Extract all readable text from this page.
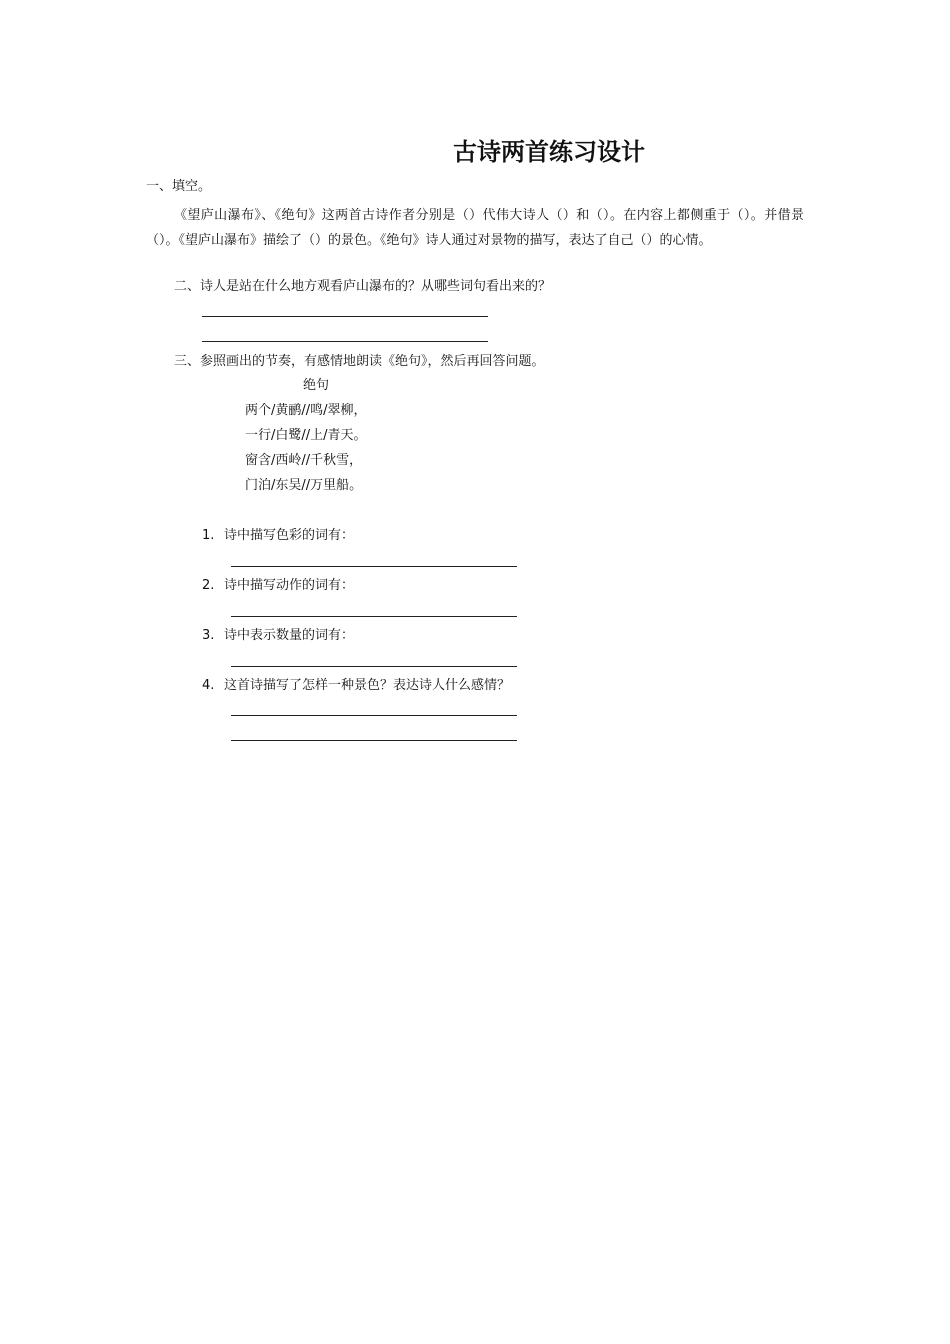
古诗两首练习设计
一、填空。
《望庐山瀑布》、《绝句》这两首古诗作者分别是（）代伟大诗人（）和（）。在内容上都侧重于（）。并借景（）。《望庐山瀑布》描绘了（）的景色。《绝句》诗人通过对景物的描写，表达了自己（）的心情。
二、诗人是站在什么地方观看庐山瀑布的？从哪些词句看出来的？
三、参照画出的节奏，有感情地朗读《绝句》，然后再回答问题。
绝句
两个/黄鹂//鸣/翠柳，
一行/白鹭//上/青天。
窗含/西岭//千秋雪，
门泊/东吴//万里船。
1. 诗中描写色彩的词有：
2. 诗中描写动作的词有：
3. 诗中表示数量的词有：
4. 这首诗描写了怎样一种景色？表达诗人什么感情？
